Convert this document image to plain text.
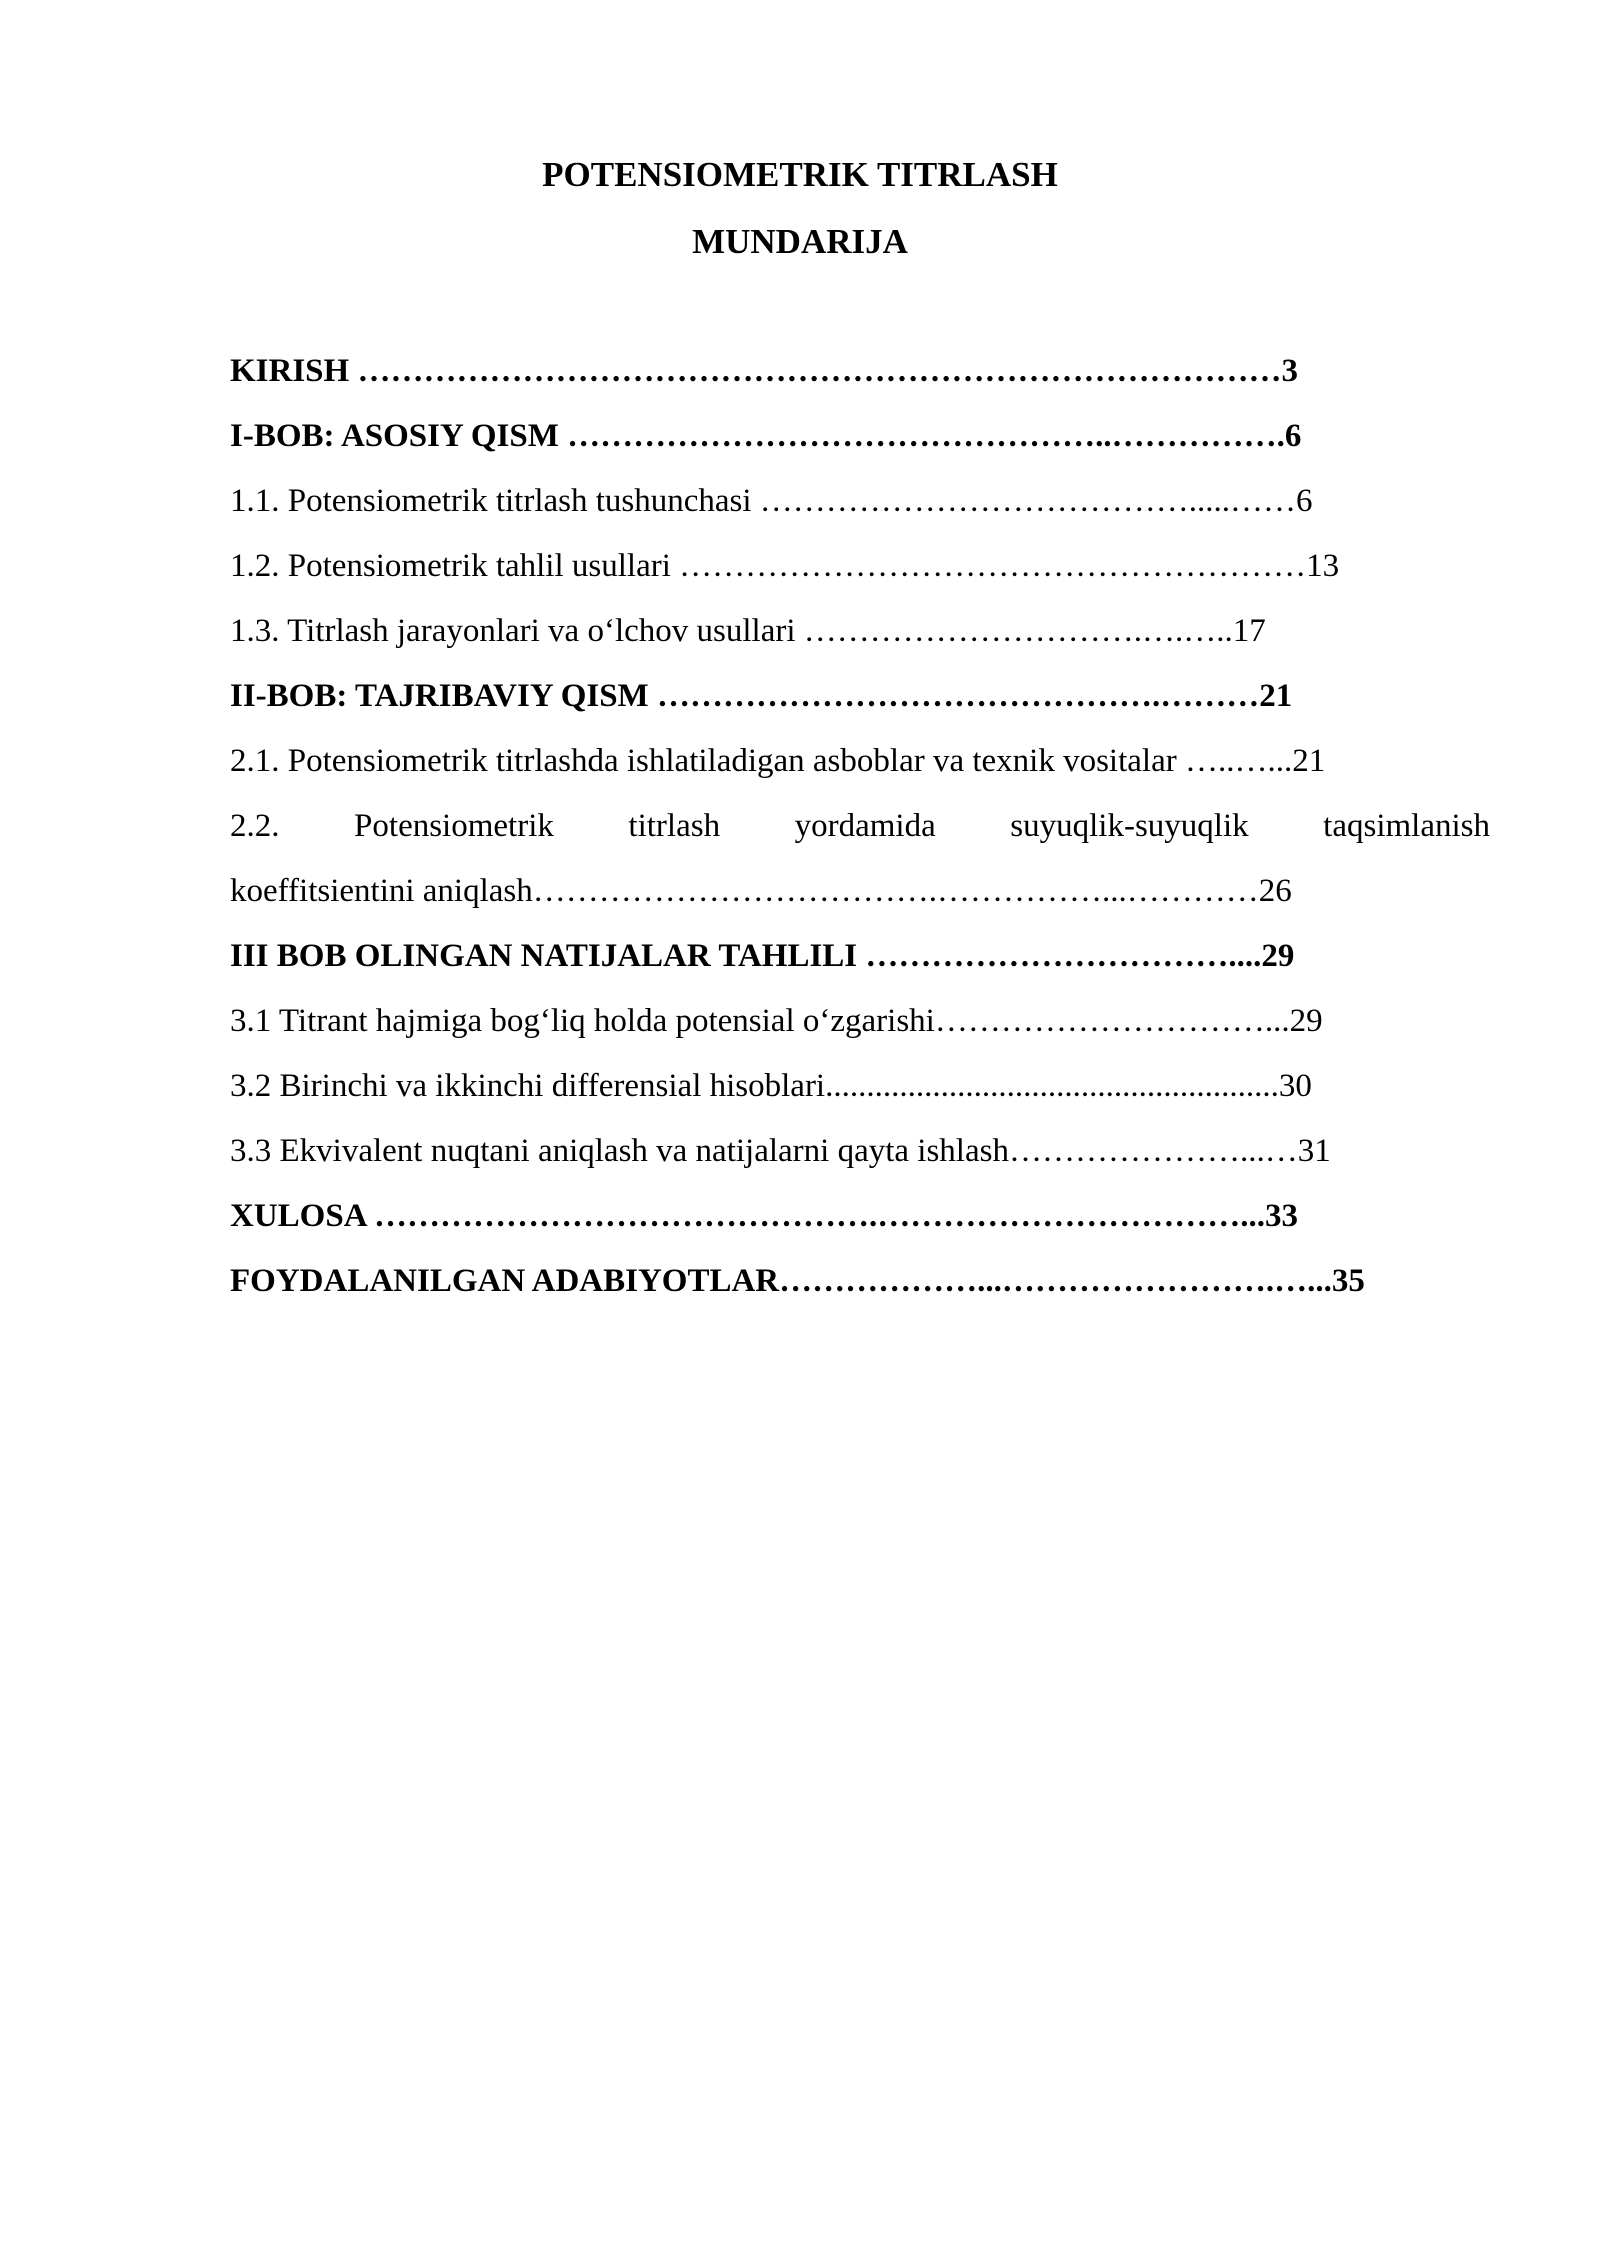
POTENSIOMETRIK TITRLASH
MUNDARIJA
KIRISH …………………………………………………………………………3
I-BOB: ASOSIY QISM …………………………………………..…………….6
1.1. Potensiometrik titrlash tushunchasi ………………………………….....……6
1.2. Potensiometrik tahlil usullari …………………………………………………13
1.3. Titrlash jarayonlari va o‘lchov usullari ………………………….….…..17
II-BOB: TAJRIBAVIY QISM ……………………………………….………21
2.1. Potensiometrik titrlashda ishlatiladigan asboblar va texnik vositalar …..…...21
2.2. Potensiometrik titrlash yordamida suyuqlik-suyuqlik taqsimlanish
koeffitsientini aniqlash……………………………….……………...…………26
III BOB OLINGAN NATIJALAR TAHLILI ……………………………....29
3.1 Titrant hajmiga bog‘liq holda potensial o‘zgarishi…………………………...29
3.2 Birinchi va ikkinchi differensial hisoblari.......................................................30
3.3 Ekvivalent nuqtani aniqlash va natijalarni qayta ishlash…………………...…31
XULOSA ……………………………………….……………………………...33
FOYDALANILGAN ADABIYOTLAR………………...…………………….…...35
